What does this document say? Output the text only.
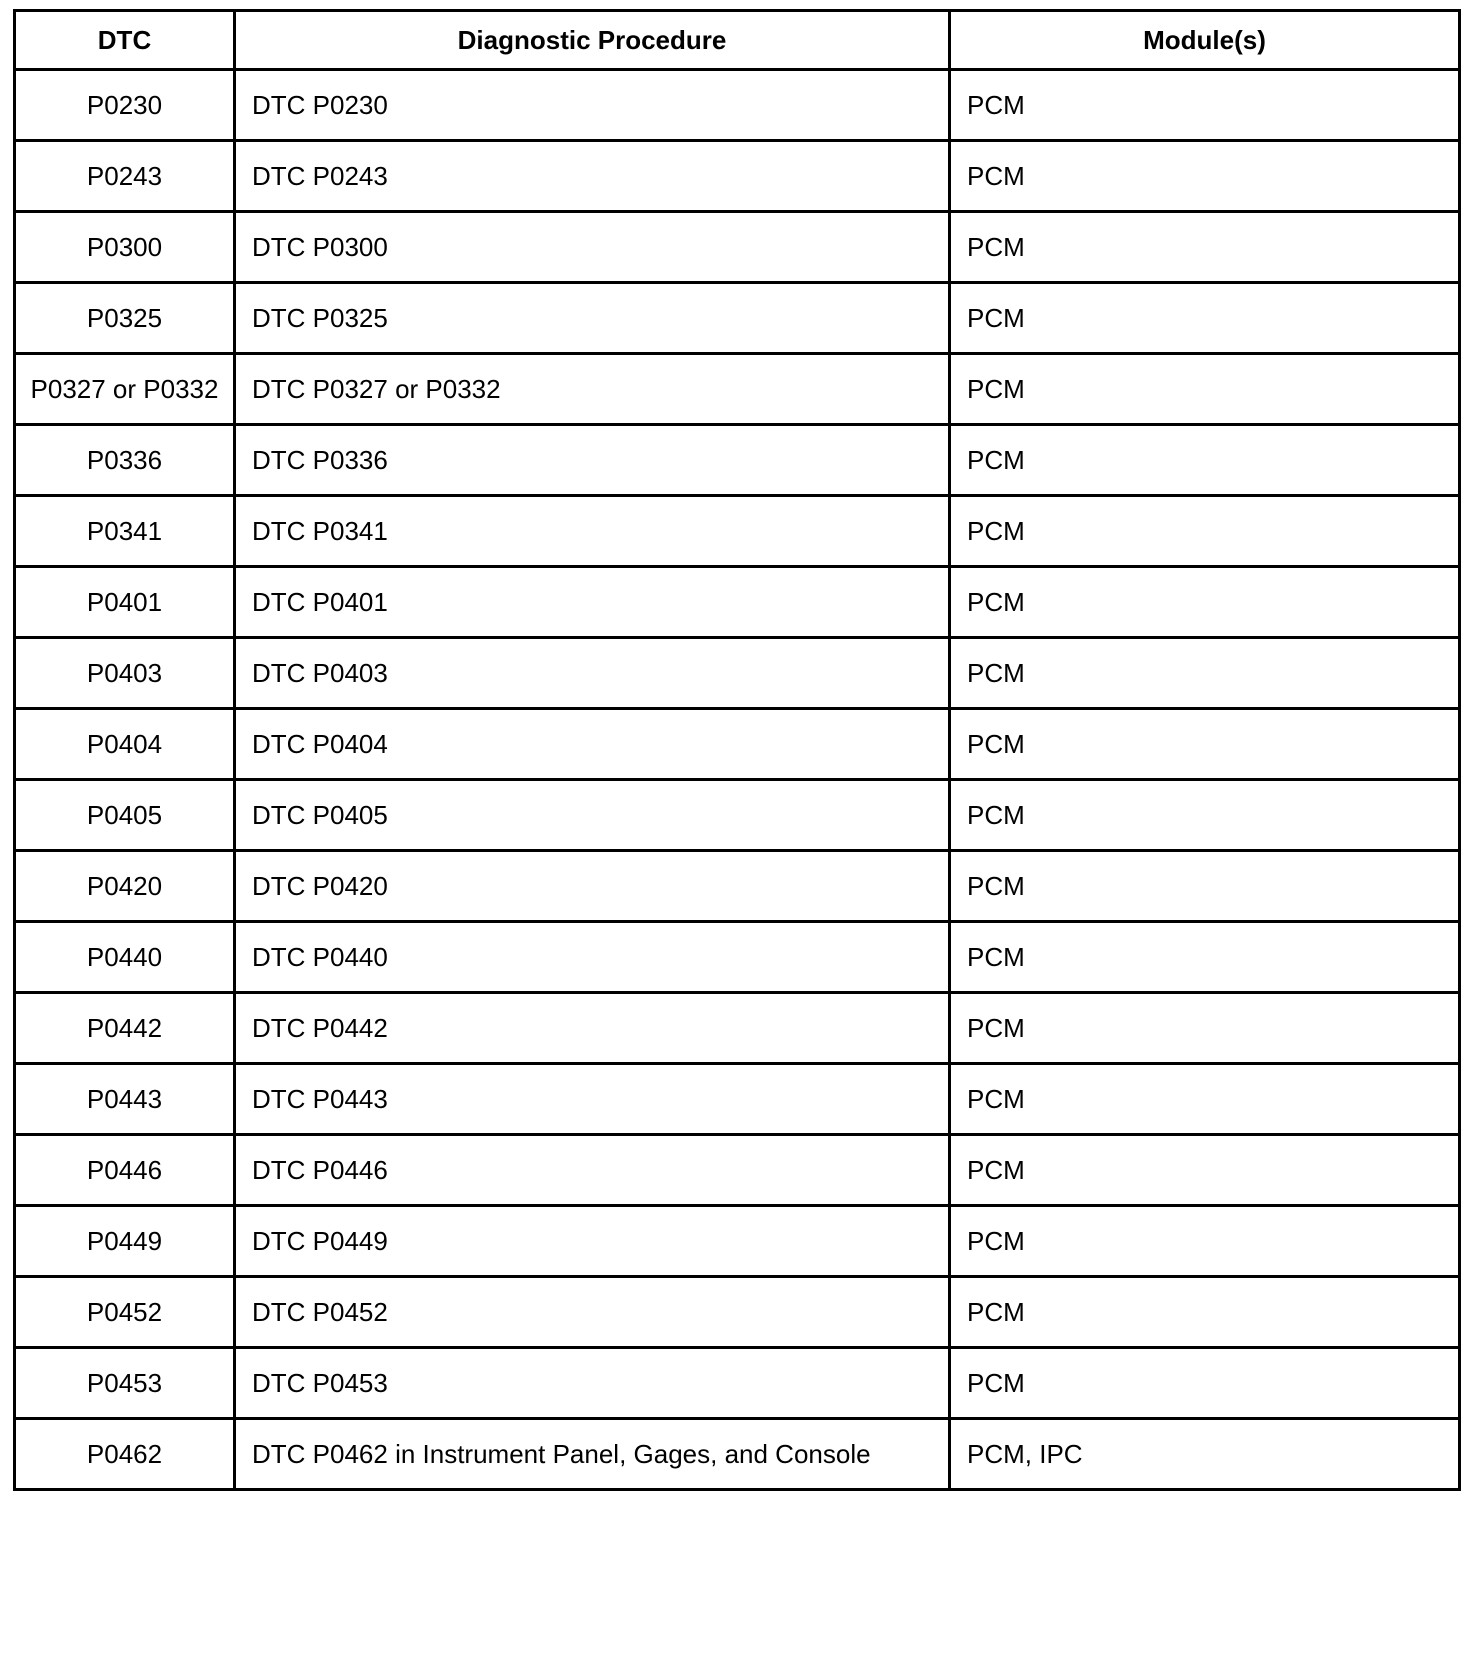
DTC	Diagnostic Procedure	Module(s)
P0230	DTC P0230	PCM
P0243	DTC P0243	PCM
P0300	DTC P0300	PCM
P0325	DTC P0325	PCM
P0327 or P0332	DTC P0327 or P0332	PCM
P0336	DTC P0336	PCM
P0341	DTC P0341	PCM
P0401	DTC P0401	PCM
P0403	DTC P0403	PCM
P0404	DTC P0404	PCM
P0405	DTC P0405	PCM
P0420	DTC P0420	PCM
P0440	DTC P0440	PCM
P0442	DTC P0442	PCM
P0443	DTC P0443	PCM
P0446	DTC P0446	PCM
P0449	DTC P0449	PCM
P0452	DTC P0452	PCM
P0453	DTC P0453	PCM
P0462	DTC P0462 in Instrument Panel, Gages, and Console	PCM, IPC
